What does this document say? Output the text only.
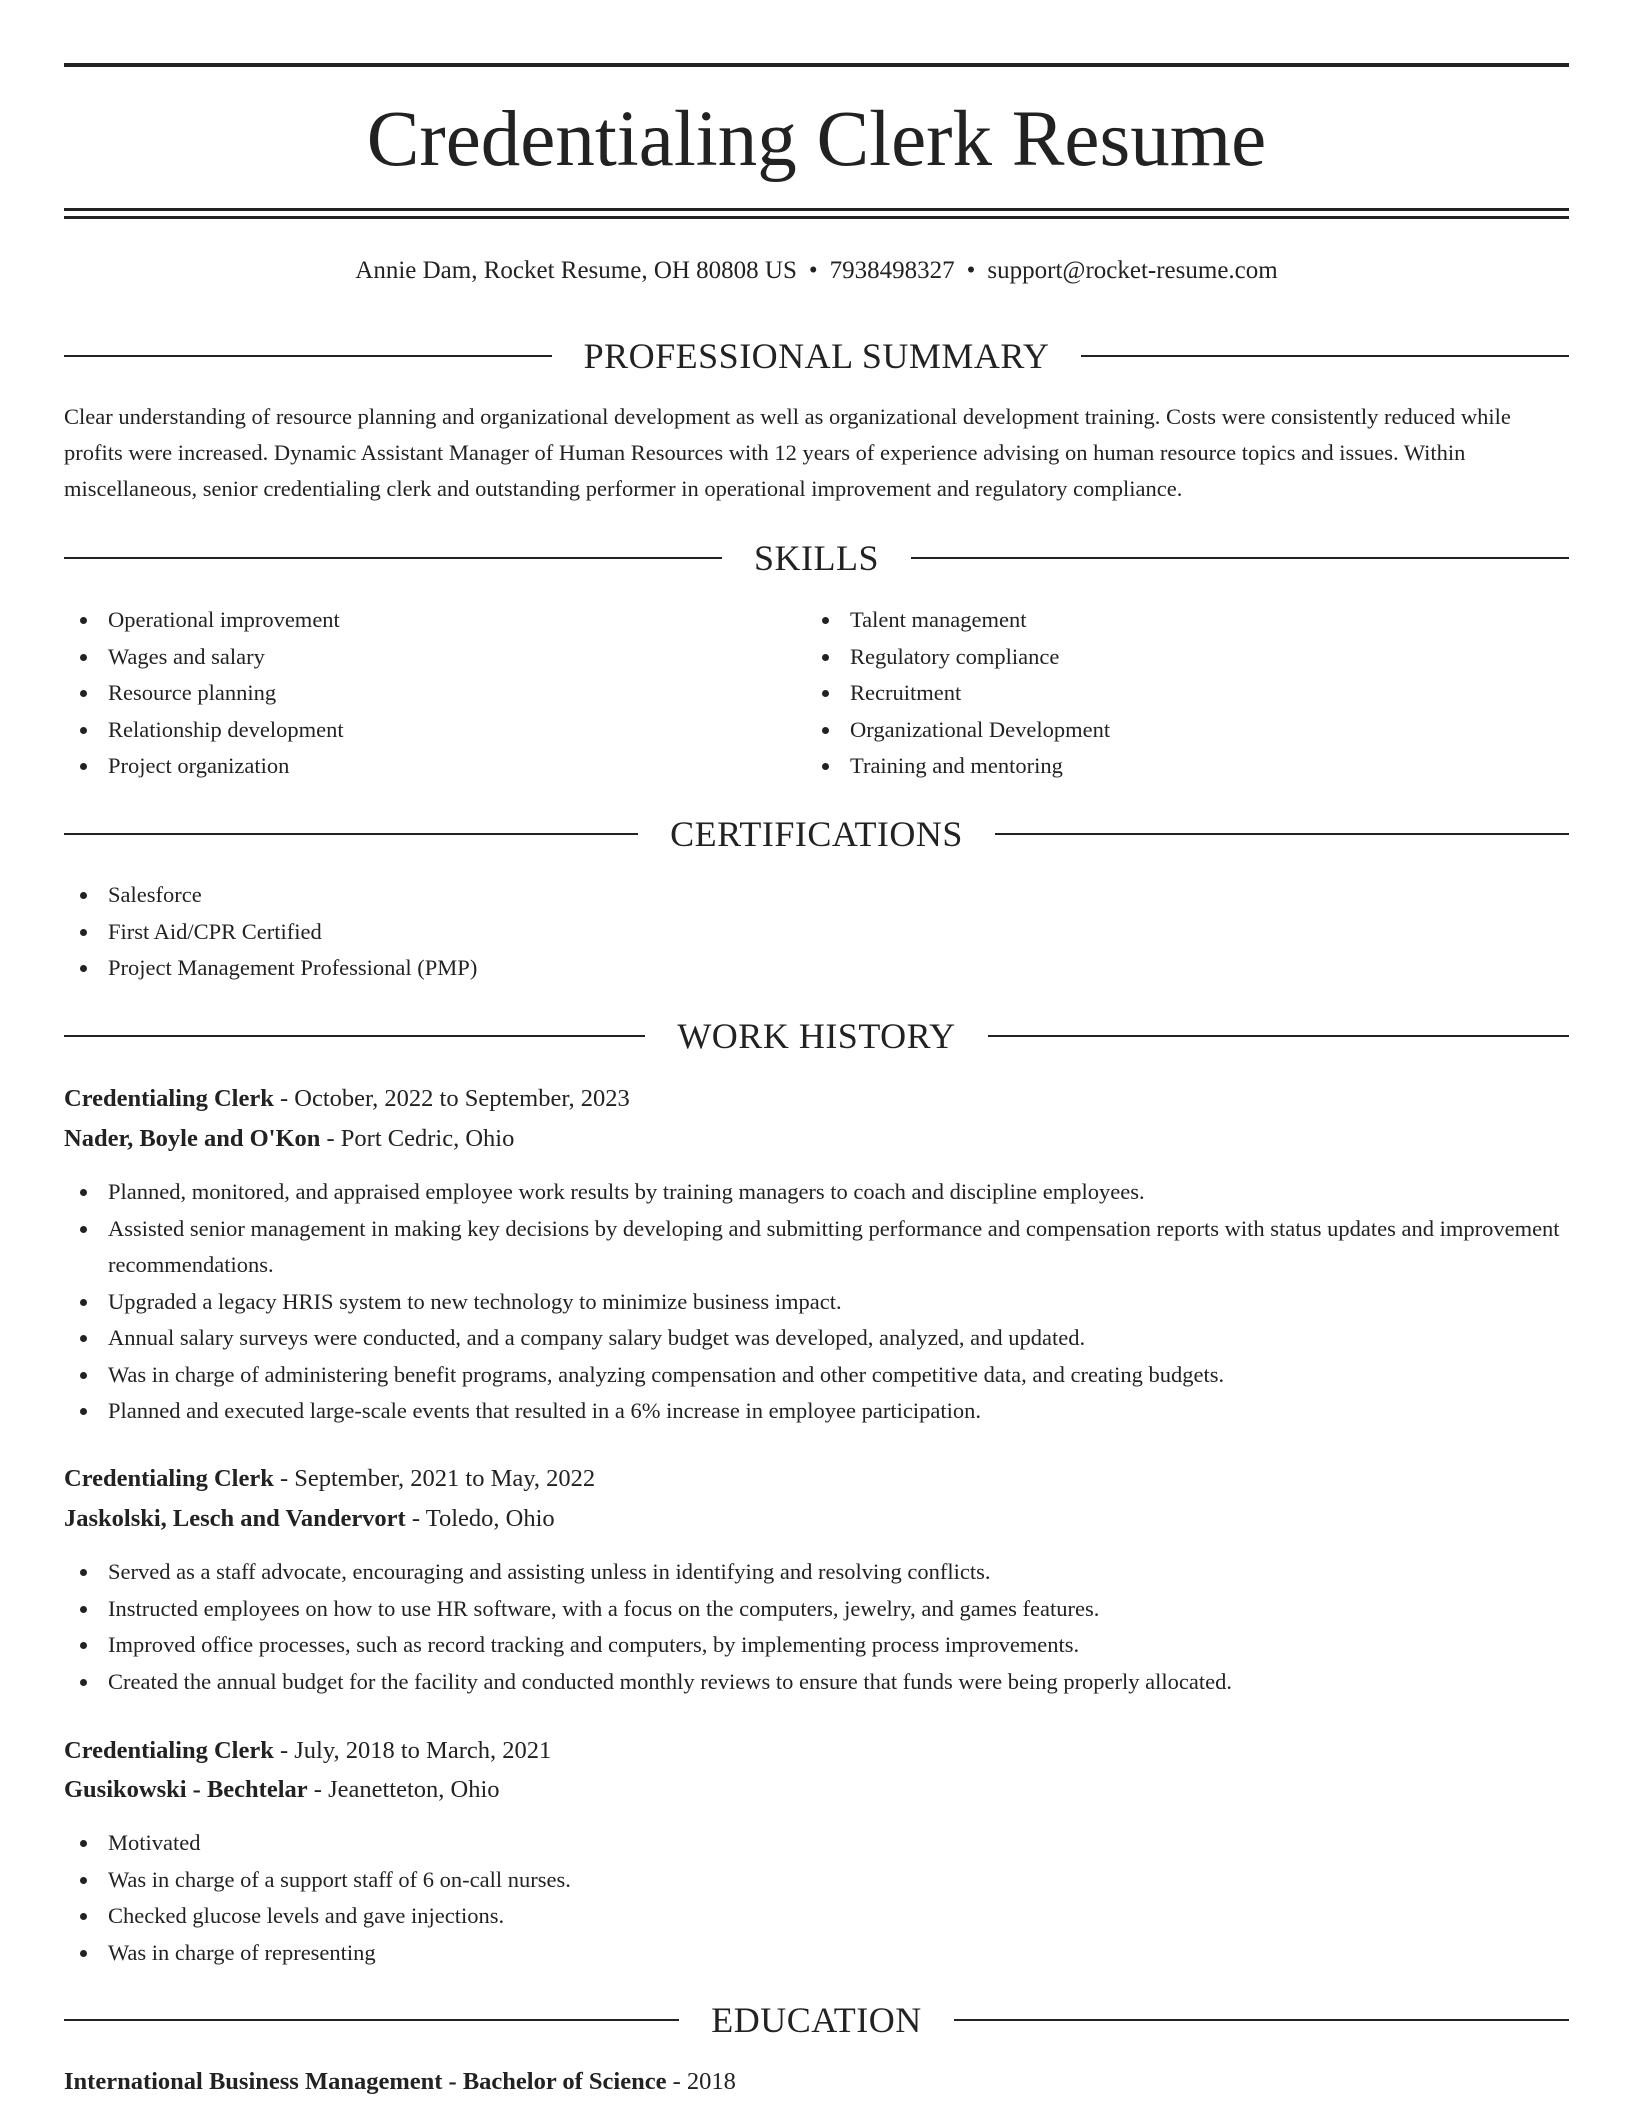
Credentialing Clerk Resume
Annie Dam, Rocket Resume, OH 80808 US • 7938498327 • support@rocket-resume.com
PROFESSIONAL SUMMARY
Clear understanding of resource planning and organizational development as well as organizational development training. Costs were consistently reduced while profits were increased. Dynamic Assistant Manager of Human Resources with 12 years of experience advising on human resource topics and issues. Within miscellaneous, senior credentialing clerk and outstanding performer in operational improvement and regulatory compliance.
SKILLS
Operational improvement
Wages and salary
Resource planning
Relationship development
Project organization
Talent management
Regulatory compliance
Recruitment
Organizational Development
Training and mentoring
CERTIFICATIONS
Salesforce
First Aid/CPR Certified
Project Management Professional (PMP)
WORK HISTORY
Credentialing Clerk - October, 2022 to September, 2023
Nader, Boyle and O'Kon - Port Cedric, Ohio
Planned, monitored, and appraised employee work results by training managers to coach and discipline employees.
Assisted senior management in making key decisions by developing and submitting performance and compensation reports with status updates and improvement recommendations.
Upgraded a legacy HRIS system to new technology to minimize business impact.
Annual salary surveys were conducted, and a company salary budget was developed, analyzed, and updated.
Was in charge of administering benefit programs, analyzing compensation and other competitive data, and creating budgets.
Planned and executed large-scale events that resulted in a 6% increase in employee participation.
Credentialing Clerk - September, 2021 to May, 2022
Jaskolski, Lesch and Vandervort - Toledo, Ohio
Served as a staff advocate, encouraging and assisting unless in identifying and resolving conflicts.
Instructed employees on how to use HR software, with a focus on the computers, jewelry, and games features.
Improved office processes, such as record tracking and computers, by implementing process improvements.
Created the annual budget for the facility and conducted monthly reviews to ensure that funds were being properly allocated.
Credentialing Clerk - July, 2018 to March, 2021
Gusikowski - Bechtelar - Jeanetteton, Ohio
Motivated
Was in charge of a support staff of 6 on-call nurses.
Checked glucose levels and gave injections.
Was in charge of representing
EDUCATION
International Business Management - Bachelor of Science - 2018
